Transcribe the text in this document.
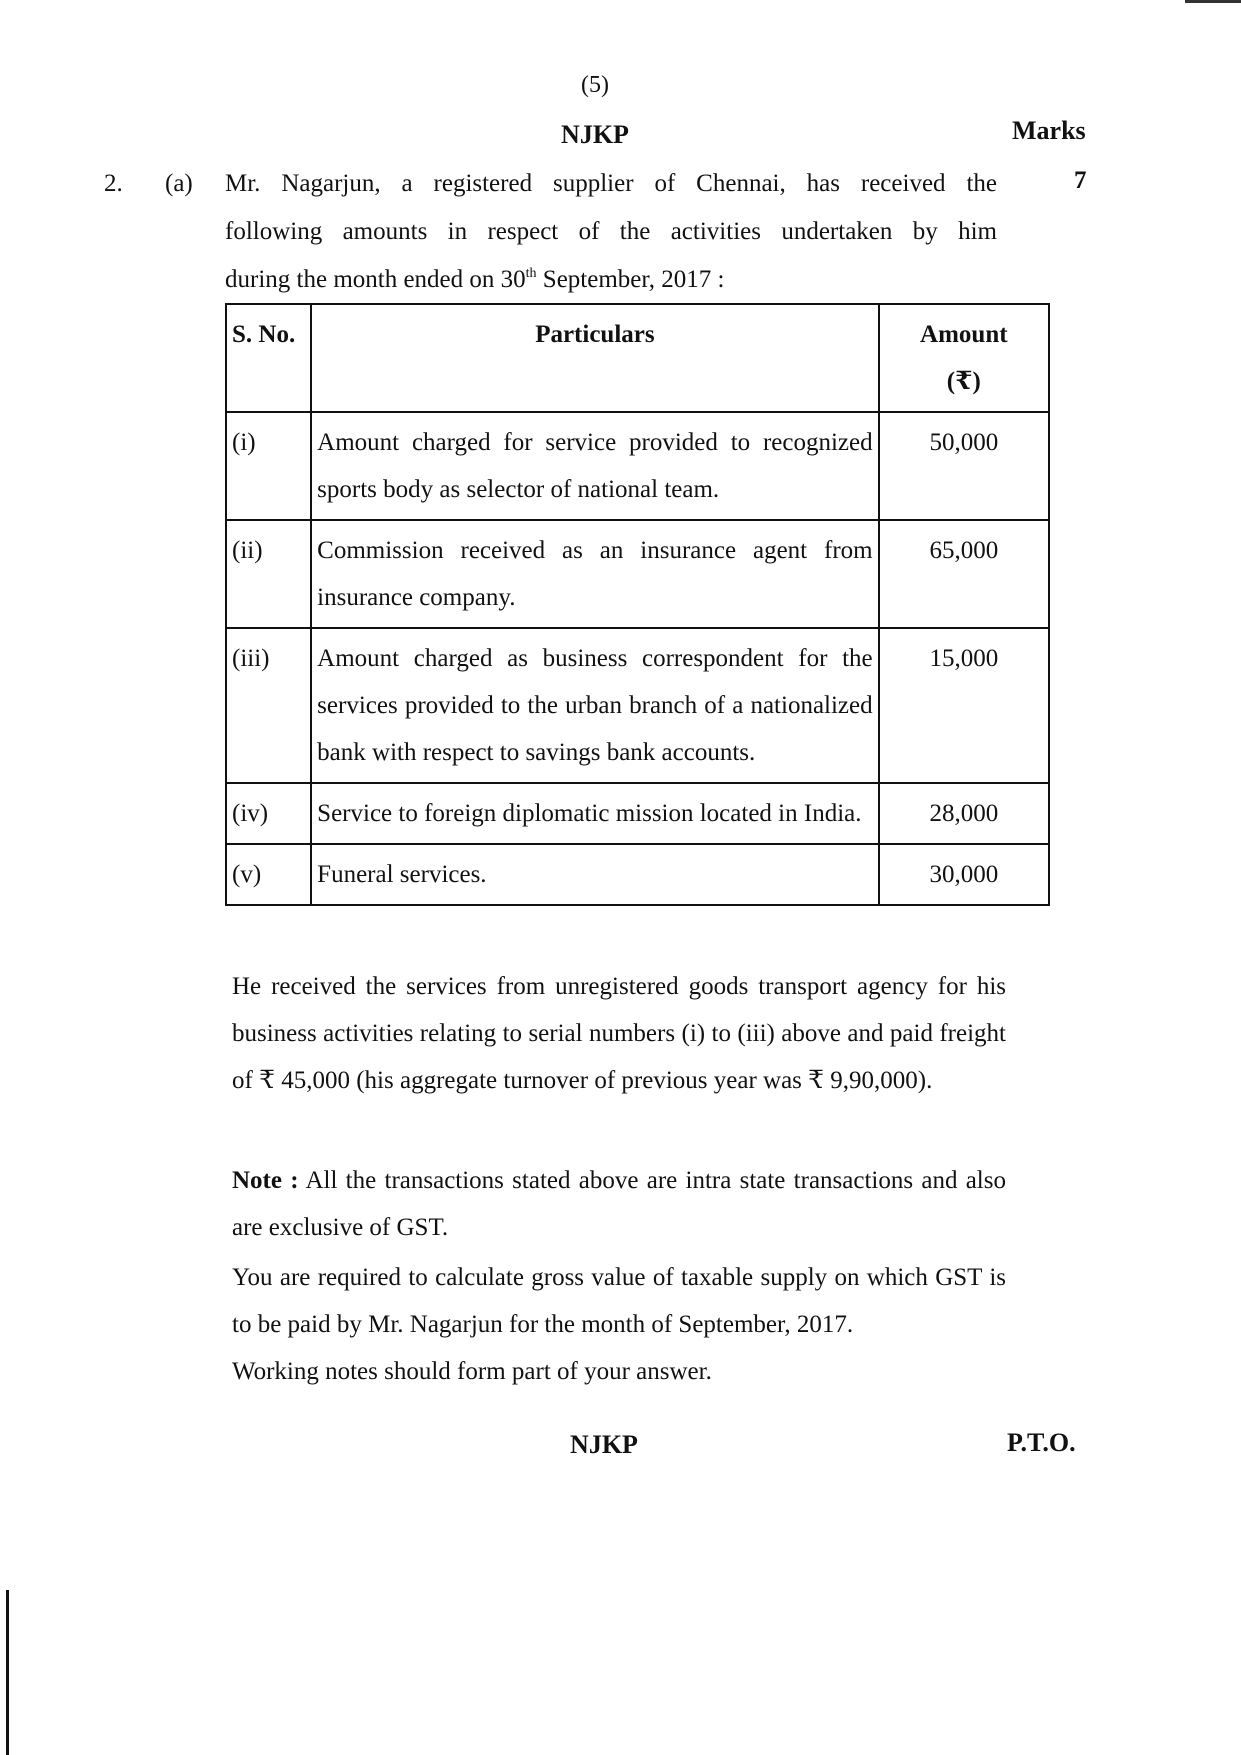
(5)
NJKP	Marks
2. (a)	7
Mr. Nagarjun, a registered supplier of Chennai, has received the
following amounts in respect of the activities undertaken by him
during the month ended on 30th September, 2017 :
S. No.	Particulars	Amount
(₹)
(i)	Amount charged for service provided to recognized sports body as selector of national team.	50,000
(ii)	Commission received as an insurance agent from insurance company.	65,000
(iii)	Amount charged as business correspondent for the services provided to the urban branch of a nationalized bank with respect to savings bank accounts.	15,000
(iv)	Service to foreign diplomatic mission located in India.	28,000
(v)	Funeral services.	30,000
He received the services from unregistered goods transport agency for his business activities relating to serial numbers (i) to (iii) above and paid freight of ₹ 45,000 (his aggregate turnover of previous year was ₹ 9,90,000).
Note : All the transactions stated above are intra state transactions and also are exclusive of GST.
You are required to calculate gross value of taxable supply on which GST is to be paid by Mr. Nagarjun for the month of September, 2017.
Working notes should form part of your answer.
NJKP	P.T.O.
